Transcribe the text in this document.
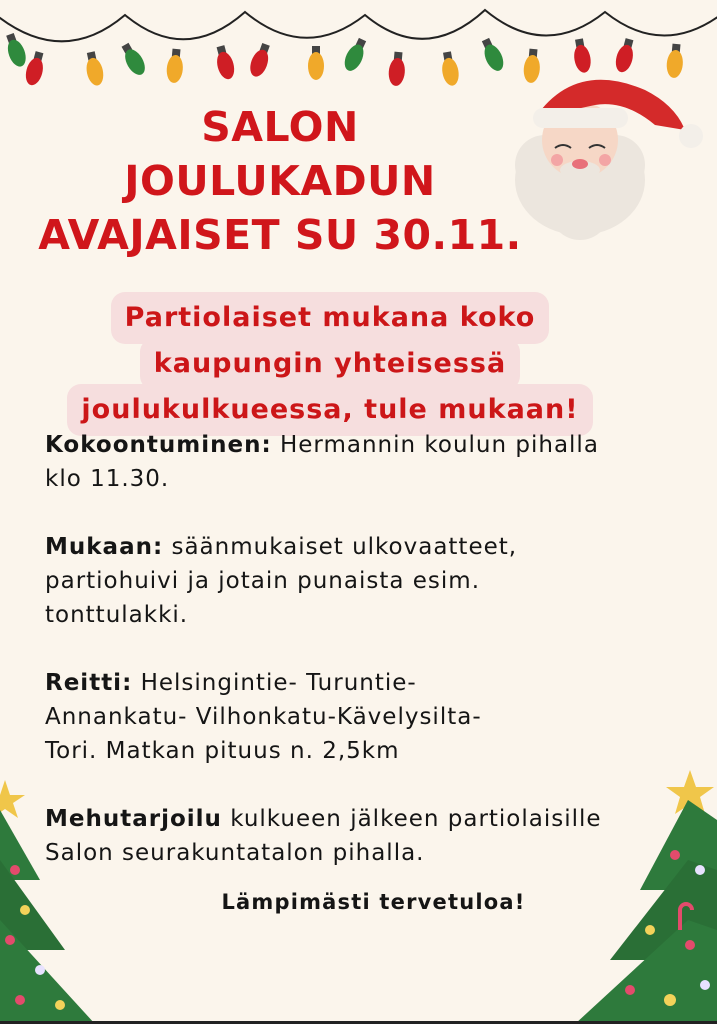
SALON
JOULUKADUN
AVAJAISET SU 30.11.
Partiolaiset mukana koko
kaupungin yhteisessä
joulukulkueessa, tule mukaan!
Kokoontuminen: Hermannin koulun pihalla
klo 11.30.
Mukaan: säänmukaiset ulkovaatteet,
partiohuivi ja jotain punaista esim.
tonttulakki.
Reitti: Helsingintie- Turuntie-
Annankatu- Vilhonkatu-Kävelysilta-
Tori. Matkan pituus n. 2,5km
Mehutarjoilu kulkueen jälkeen partiolaisille
Salon seurakuntatalon pihalla.
Lämpimästi tervetuloa!
